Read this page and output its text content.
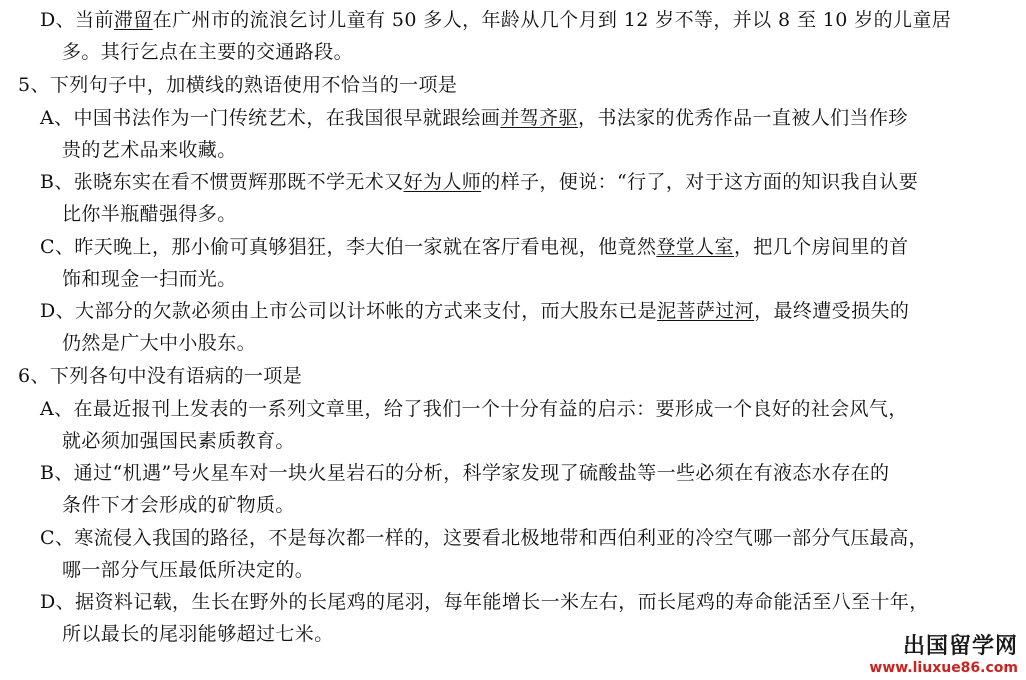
D、当前滞留在广州市的流浪乞讨儿童有 50 多人，年龄从几个月到 12 岁不等，并以 8 至 10 岁的儿童居
多。其行乞点在主要的交通路段。
5、下列句子中，加横线的熟语使用不恰当的一项是
A、中国书法作为一门传统艺术，在我国很早就跟绘画并驾齐驱，书法家的优秀作品一直被人们当作珍
贵的艺术品来收藏。
B、张晓东实在看不惯贾辉那既不学无术又好为人师的样子，便说：“行了，对于这方面的知识我自认要
比你半瓶醋强得多。
C、昨天晚上，那小偷可真够猖狂，李大伯一家就在客厅看电视，他竟然登堂人室，把几个房间里的首
饰和现金一扫而光。
D、大部分的欠款必须由上市公司以计坏帐的方式来支付，而大股东已是泥菩萨过河，最终遭受损失的
仍然是广大中小股东。
6、下列各句中没有语病的一项是
A、在最近报刊上发表的一系列文章里，给了我们一个十分有益的启示：要形成一个良好的社会风气，
就必须加强国民素质教育。
B、通过“机遇”号火星车对一块火星岩石的分析，科学家发现了硫酸盐等一些必须在有液态水存在的
条件下才会形成的矿物质。
C、寒流侵入我国的路径，不是每次都一样的，这要看北极地带和西伯利亚的冷空气哪一部分气压最高，
哪一部分气压最低所决定的。
D、据资料记载，生长在野外的长尾鸡的尾羽，每年能增长一米左右，而长尾鸡的寿命能活至八至十年，
所以最长的尾羽能够超过七米。	出国留学网
www.liuxue86.com
